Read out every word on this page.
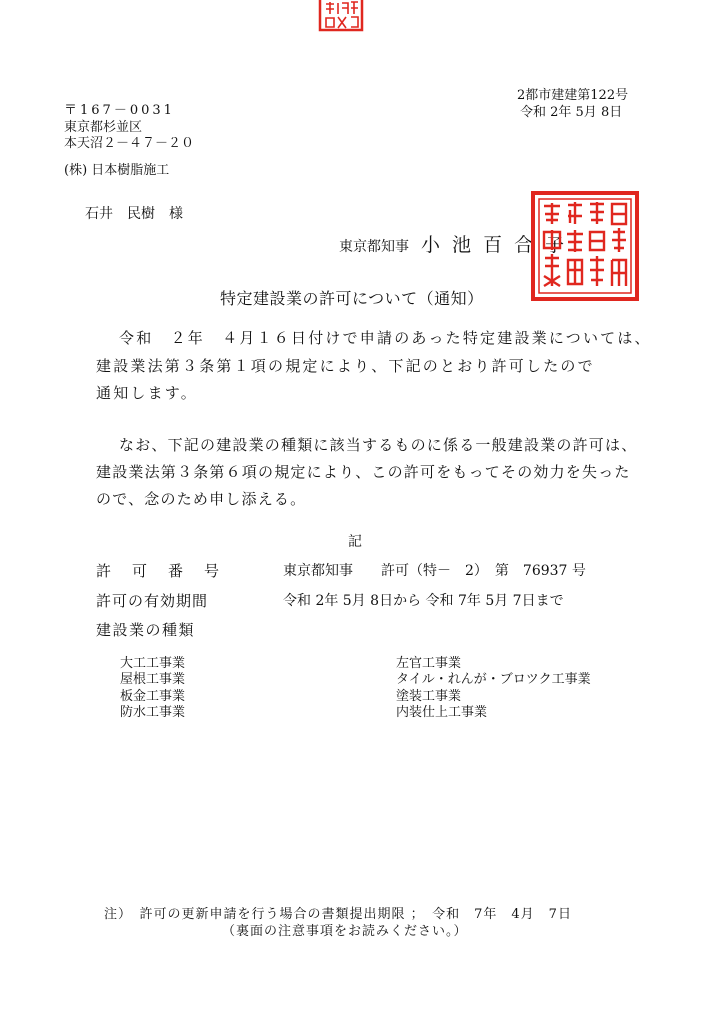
2都市建建第122号
令和 2年 5月 8日
〒167－0031
東京都杉並区
本天沼２－４７－２０
(株) 日本樹脂施工
石井　民樹　様
東京都知事 小 池 百 合 子
特定建設業の許可について（通知）
令和　２年　４月１６日付けで申請のあった特定建設業については、
建設業法第３条第１項の規定により、下記のとおり許可したので
通知します。
なお、下記の建設業の種類に該当するものに係る一般建設業の許可は、
建設業法第３条第６項の規定により、この許可をもってその効力を失った
ので、念のため申し添える。
記
許　可　番　号	東京都知事　　許可（特－　2）　第　76937 号
許可の有効期間	令和 2年 5月 8日から 令和 7年 5月 7日まで
建設業の種類
大工工事業
屋根工事業
板金工事業
防水工事業
左官工事業
タイル・れんが・ブロツク工事業
塗装工事業
内装仕上工事業
注）　許可の更新申請を行う場合の書類提出期限 ；　令和　7年　4月　7日
（裏面の注意事項をお読みください。）
